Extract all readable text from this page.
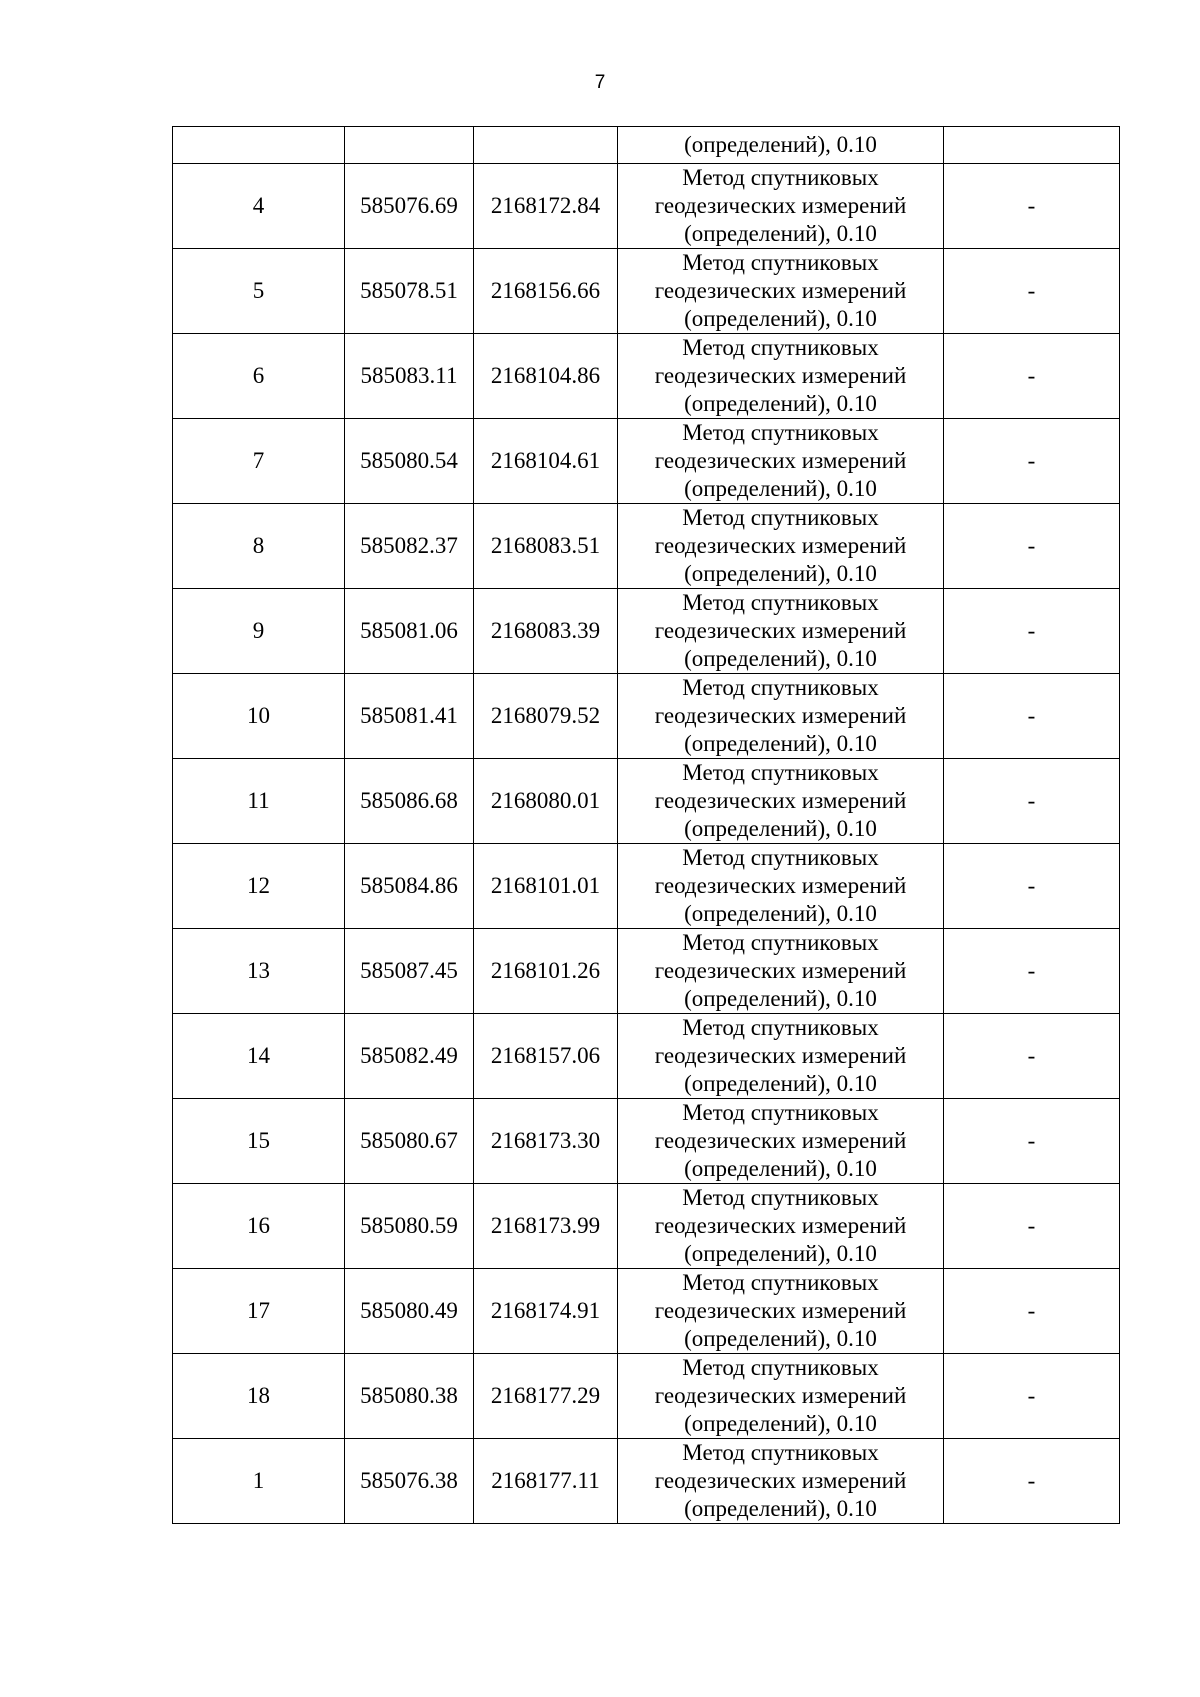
7
			(определений), 0.10	
4	585076.69	2168172.84	Метод спутниковых
геодезических измерений
(определений), 0.10	-
5	585078.51	2168156.66	Метод спутниковых
геодезических измерений
(определений), 0.10	-
6	585083.11	2168104.86	Метод спутниковых
геодезических измерений
(определений), 0.10	-
7	585080.54	2168104.61	Метод спутниковых
геодезических измерений
(определений), 0.10	-
8	585082.37	2168083.51	Метод спутниковых
геодезических измерений
(определений), 0.10	-
9	585081.06	2168083.39	Метод спутниковых
геодезических измерений
(определений), 0.10	-
10	585081.41	2168079.52	Метод спутниковых
геодезических измерений
(определений), 0.10	-
11	585086.68	2168080.01	Метод спутниковых
геодезических измерений
(определений), 0.10	-
12	585084.86	2168101.01	Метод спутниковых
геодезических измерений
(определений), 0.10	-
13	585087.45	2168101.26	Метод спутниковых
геодезических измерений
(определений), 0.10	-
14	585082.49	2168157.06	Метод спутниковых
геодезических измерений
(определений), 0.10	-
15	585080.67	2168173.30	Метод спутниковых
геодезических измерений
(определений), 0.10	-
16	585080.59	2168173.99	Метод спутниковых
геодезических измерений
(определений), 0.10	-
17	585080.49	2168174.91	Метод спутниковых
геодезических измерений
(определений), 0.10	-
18	585080.38	2168177.29	Метод спутниковых
геодезических измерений
(определений), 0.10	-
1	585076.38	2168177.11	Метод спутниковых
геодезических измерений
(определений), 0.10	-
